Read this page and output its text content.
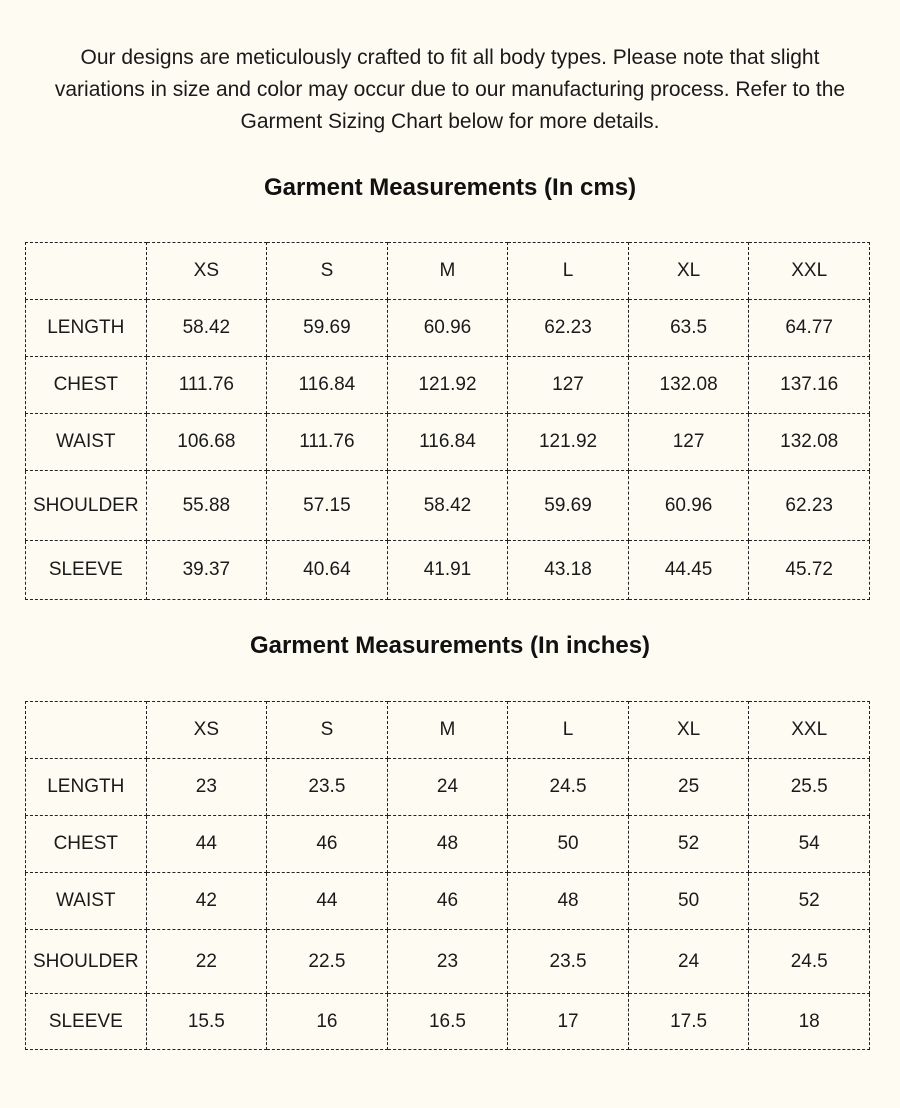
Our designs are meticulously crafted to fit all body types. Please note that slight variations in size and color may occur due to our manufacturing process. Refer to the Garment Sizing Chart below for more details.

Garment Measurements (In cms)
	XS	S	M	L	XL	XXL
LENGTH	58.42	59.69	60.96	62.23	63.5	64.77
CHEST	111.76	116.84	121.92	127	132.08	137.16
WAIST	106.68	111.76	116.84	121.92	127	132.08
SHOULDER	55.88	57.15	58.42	59.69	60.96	62.23
SLEEVE	39.37	40.64	41.91	43.18	44.45	45.72
Garment Measurements (In inches)
	XS	S	M	L	XL	XXL
LENGTH	23	23.5	24	24.5	25	25.5
CHEST	44	46	48	50	52	54
WAIST	42	44	46	48	50	52
SHOULDER	22	22.5	23	23.5	24	24.5
SLEEVE	15.5	16	16.5	17	17.5	18
